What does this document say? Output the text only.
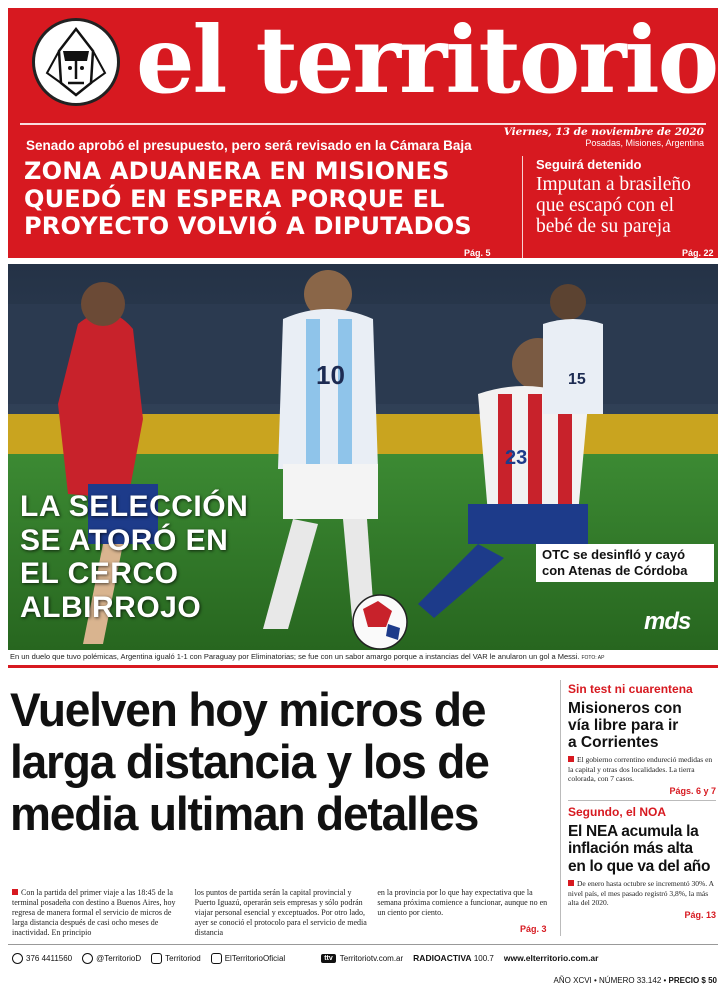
el territorio
Viernes, 13 de noviembre de 2020
Posadas, Misiones, Argentina
Senado aprobó el presupuesto, pero será revisado en la Cámara Baja
ZONA ADUANERA EN MISIONES
QUEDÓ EN ESPERA PORQUE EL
PROYECTO VOLVIÓ A DIPUTADOS
Pág. 5
Seguirá detenido
Imputan a brasileño
que escapó con el
bebé de su pareja
Pág. 22
10
23
15
LA SELECCIÓN
SE ATORÓ EN
EL CERCO
ALBIRROJO
OTC se desinfló y cayó
con Atenas de Córdoba
mds
En un duelo que tuvo polémicas, Argentina igualó 1-1 con Paraguay por Eliminatorias; se fue con un sabor amargo porque a instancias del VAR le anularon un gol a Messi. FOTO: AP
Vuelven hoy micros de
larga distancia y los de
media ultiman detalles
Con la partida del primer viaje a las 18:45 de la terminal posadeña con destino a Buenos Aires, hoy regresa de manera formal el servicio de micros de larga distancia después de casi ocho meses de inactividad. En principio
los puntos de partida serán la capital provincial y Puerto Iguazú, operarán seis empresas y sólo podrán viajar personal esencial y exceptuados. Por otro lado, ayer se conoció el protocolo para el servicio de media distancia
en la provincia por lo que hay expectativa que la semana próxima comience a funcionar, aunque no en un ciento por ciento.
Pág. 3
Sin test ni cuarentena
Misioneros con
vía libre para ir
a Corrientes
El gobierno correntino endureció medidas en la capital y otras dos localidades. La tierra colorada, con 7 casos.
Págs. 6 y 7
Segundo, el NOA
El NEA acumula la
inflación más alta
en lo que va del año
De enero hasta octubre se incrementó 30%. A nivel país, el mes pasado registró 3,8%, la más alta del 2020.
Pág. 13
376 4411560	@TerritorioD	Territoriod	ElTerritorioOficial	ttv Territoriotv.com.ar RADIOACTIVA
100.7 www.elterritorio.com.ar
AÑO XCVI • NÚMERO 33.142 • PRECIO $ 50
